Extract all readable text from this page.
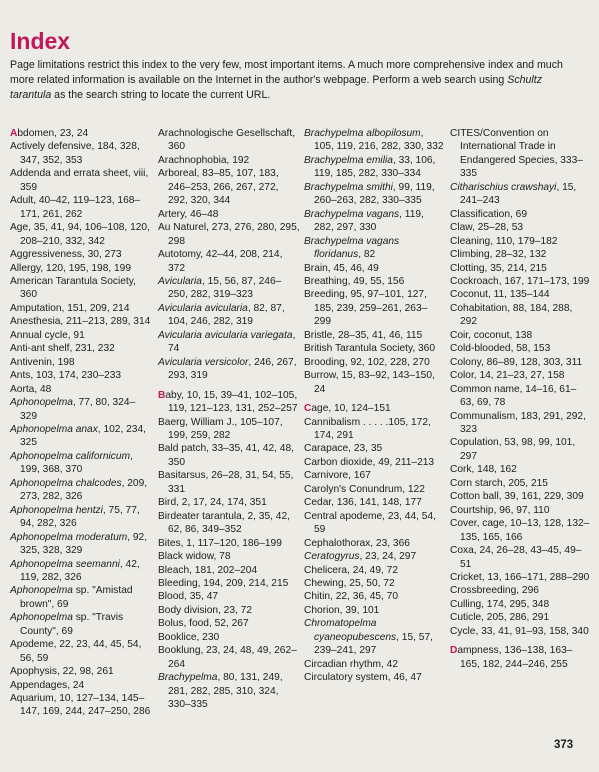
Index
Page limitations restrict this index to the very few, most important items. A much more comprehensive index and much more related information is available on the Internet in the author's webpage. Perform a web search using Schultz tarantula as the search string to locate the current URL.
Abdomen, 23, 24
Actively defensive, 184, 328, 347, 352, 353
Addenda and errata sheet, viii, 359
Adult, 40–42, 119–123, 168–171, 261, 262
Age, 35, 41, 94, 106–108, 120, 208–210, 332, 342
Aggressiveness, 30, 273
Allergy, 120, 195, 198, 199
American Tarantula Society, 360
Amputation, 151, 209, 214
Anesthesia, 211–213, 289, 314
Annual cycle, 91
Anti-ant shelf, 231, 232
Antivenin, 198
Ants, 103, 174, 230–233
Aorta, 48
Aphonopelma, 77, 80, 324–329
Aphonopelma anax, 102, 234, 325
Aphonopelma californicum, 199, 368, 370
Aphonopelma chalcodes, 209, 273, 282, 326
Aphonopelma hentzi, 75, 77, 94, 282, 326
Aphonopelma moderatum, 92, 325, 328, 329
Aphonopelma seemanni, 42, 119, 282, 326
Aphonopelma sp. "Amistad brown", 69
Aphonopelma sp. "Travis County", 69
Apodeme, 22, 23, 44, 45, 54, 56, 59
Apophysis, 22, 98, 261
Appendages, 24
Aquarium, 10, 127–134, 145–147, 169, 244, 247–250, 286
Arachnologische Gesellschaft, 360
Arachnophobia, 192
Arboreal, 83–85, 107, 183, 246–253, 266, 267, 272, 292, 320, 344
Artery, 46–48
Au Naturel, 273, 276, 280, 295, 298
Autotomy, 42–44, 208, 214, 372
Avicularia, 15, 56, 87, 246–250, 282, 319–323
Avicularia avicularia, 82, 87, 104, 246, 282, 319
Avicularia avicularia variegata, 74
Avicularia versicolor, 246, 267, 293, 319
Baby, 10, 15, 39–41, 102–105, 119, 121–123, 131, 252–257
Baerg, William J., 105–107, 199, 259, 282
Bald patch, 33–35, 41, 42, 48, 350
Basitarsus, 26–28, 31, 54, 55, 331
Bird, 2, 17, 24, 174, 351
Birdeater tarantula, 2, 35, 42, 62, 86, 349–352
Bites, 1, 117–120, 186–199
Black widow, 78
Bleach, 181, 202–204
Bleeding, 194, 209, 214, 215
Blood, 35, 47
Body division, 23, 72
Bolus, food, 52, 267
Booklice, 230
Booklung, 23, 24, 48, 49, 262–264
Brachypelma, 80, 131, 249, 281, 282, 285, 310, 324, 330–335
Brachypelma albopilosum, 105, 119, 216, 282, 330, 332
Brachypelma emilia, 33, 106, 119, 185, 282, 330–334
Brachypelma smithi, 99, 119, 260–263, 282, 330–335
Brachypelma vagans, 119, 282, 297, 330
Brachypelma vagans floridanus, 82
Brain, 45, 46, 49
Breathing, 49, 55, 156
Breeding, 95, 97–101, 127, 185, 239, 259–261, 263–299
Bristle, 28–35, 41, 46, 115
British Tarantula Society, 360
Brooding, 92, 102, 228, 270
Burrow, 15, 83–92, 143–150, 24
Cage, 10, 124–151
Cannibalism . . . . .105, 172, 174, 291
Carapace, 23, 35
Carbon dioxide, 49, 211–213
Carnivore, 167
Carolyn's Conundrum, 122
Cedar, 136, 141, 148, 177
Central apodeme, 23, 44, 54, 59
Cephalothorax, 23, 366
Ceratogyrus, 23, 24, 297
Chelicera, 24, 49, 72
Chewing, 25, 50, 72
Chitin, 22, 36, 45, 70
Chorion, 39, 101
Chromatopelma cyaneopubescens, 15, 57, 239–241, 297
Circadian rhythm, 42
Circulatory system, 46, 47
CITES/Convention on International Trade in Endangered Species, 333–335
Citharischius crawshayi, 15, 241–243
Classification, 69
Claw, 25–28, 53
Cleaning, 110, 179–182
Climbing, 28–32, 132
Clotting, 35, 214, 215
Cockroach, 167, 171–173, 199
Coconut, 11, 135–144
Cohabitation, 88, 184, 288, 292
Coir, coconut, 138
Cold-blooded, 58, 153
Colony, 86–89, 128, 303, 311
Color, 14, 21–23, 27, 158
Common name, 14–16, 61–63, 69, 78
Communalism, 183, 291, 292, 323
Copulation, 53, 98, 99, 101, 297
Cork, 148, 162
Corn starch, 205, 215
Cotton ball, 39, 161, 229, 309
Courtship, 96, 97, 110
Cover, cage, 10–13, 128, 132–135, 165, 166
Coxa, 24, 26–28, 43–45, 49–51
Cricket, 13, 166–171, 288–290
Crossbreeding, 296
Culling, 174, 295, 348
Cuticle, 205, 286, 291
Cycle, 33, 41, 91–93, 158, 340
Dampness, 136–138, 163–165, 182, 244–246, 255
373
